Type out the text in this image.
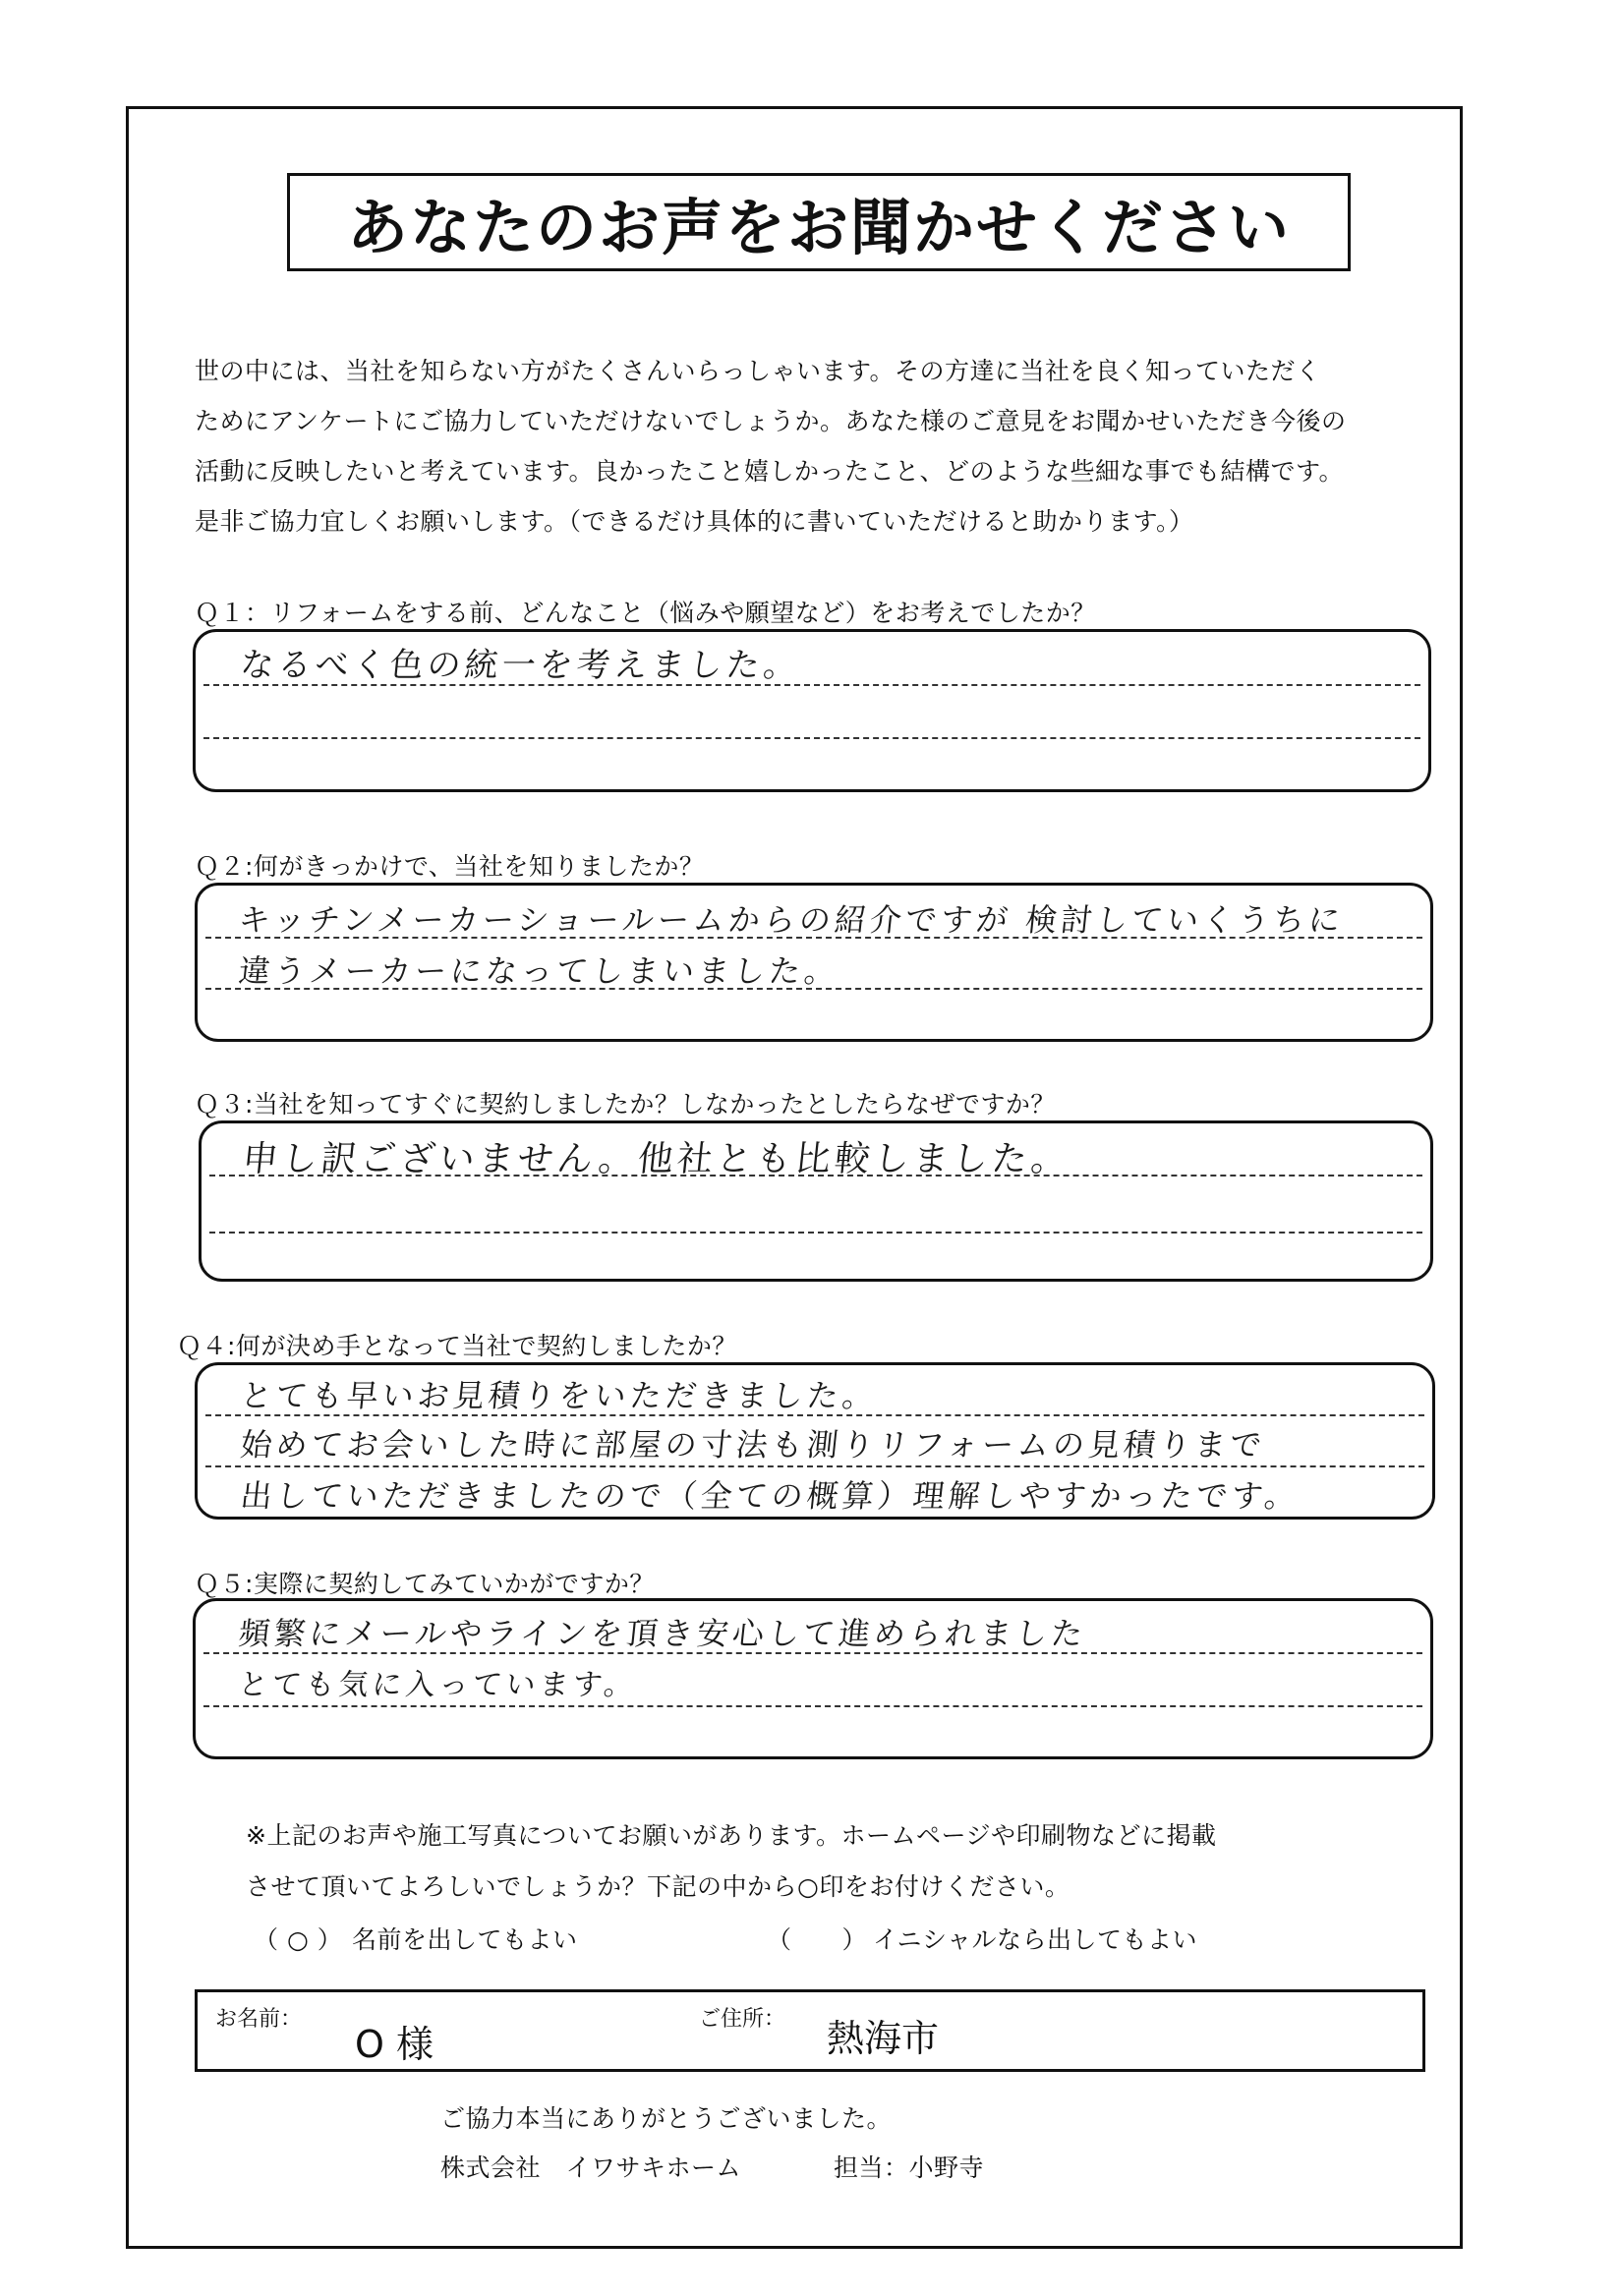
あなたのお声をお聞かせください
世の中には、当社を知らない方がたくさんいらっしゃいます。その方達に当社を良く知っていただく
ためにアンケートにご協力していただけないでしょうか。あなた様のご意見をお聞かせいただき今後の
活動に反映したいと考えています。良かったこと嬉しかったこと、どのような些細な事でも結構です。
是非ご協力宜しくお願いします。（できるだけ具体的に書いていただけると助かります。）
Ｑ１：リフォームをする前、どんなこと（悩みや願望など）をお考えでしたか？
なるべく色の統一を考えました。
Ｑ２:何がきっかけで、当社を知りましたか？
キッチンメーカーショールームからの紹介ですが 検討していくうちに
違うメーカーになってしまいました。
Ｑ３:当社を知ってすぐに契約しましたか？しなかったとしたらなぜですか？
申し訳ございません。他社とも比較しました。
Ｑ４:何が決め手となって当社で契約しましたか？
とても早いお見積りをいただきました。
始めてお会いした時に部屋の寸法も測りリフォームの見積りまで
出していただきましたので（全ての概算）理解しやすかったです。
Ｑ５:実際に契約してみていかがですか？
頻繁にメールやラインを頂き安心して進められました
とても気に入っています。
※上記のお声や施工写真についてお願いがあります。ホームページや印刷物などに掲載
させて頂いてよろしいでしょうか？下記の中から○印をお付けください。
（ ○ ） 名前を出してもよい	（　　） イニシャルなら出してもよい
お名前：
O 様
ご住所： 熱海市
ご協力本当にありがとうございました。
株式会社　イワサキホーム	担当：小野寺
